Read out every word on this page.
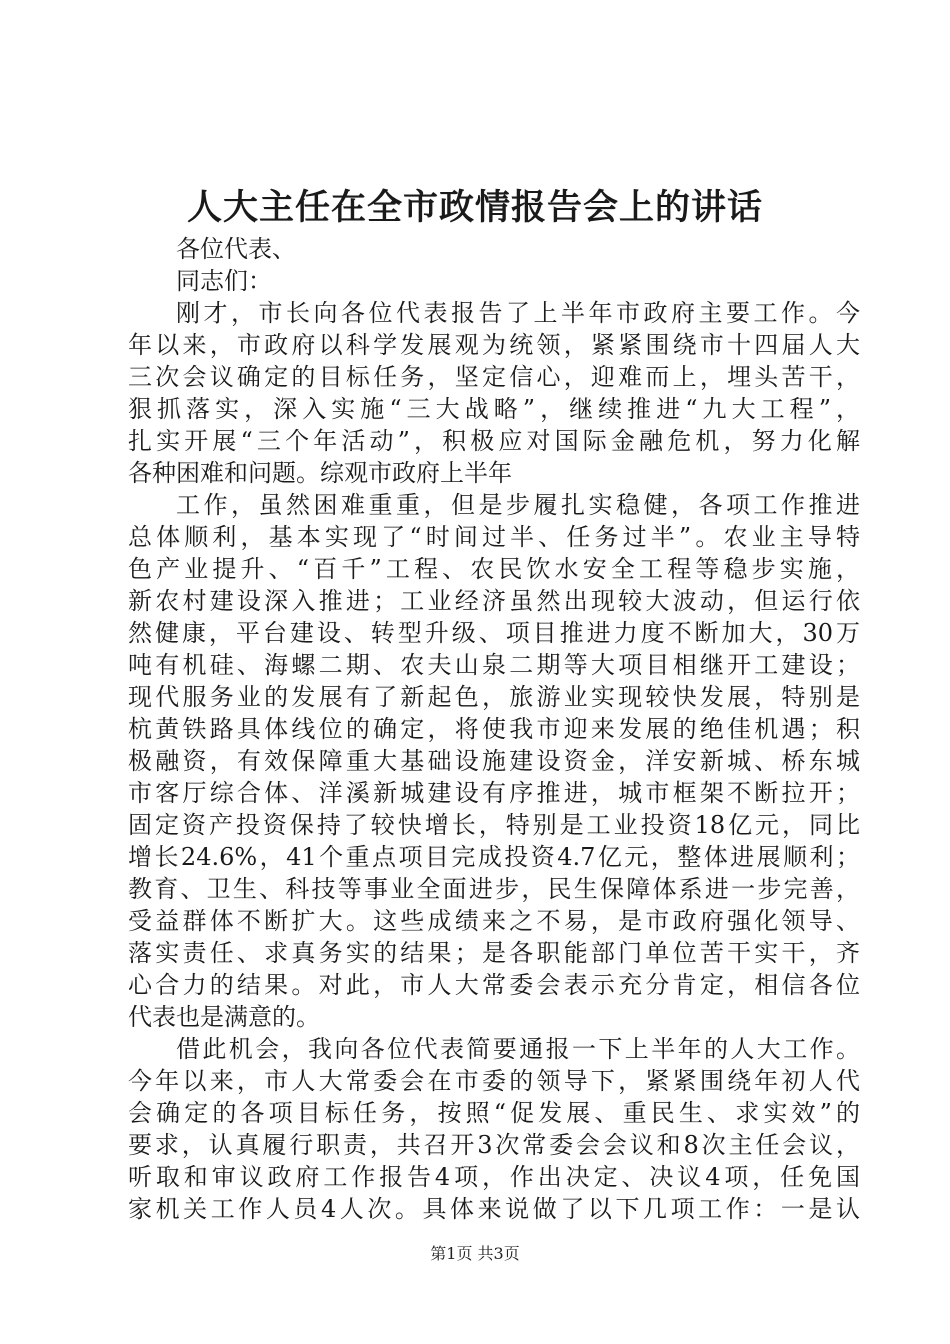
人大主任在全市政情报告会上的讲话
各位代表、
同志们：
刚才，市长向各位代表报告了上半年市政府主要工作。今
年以来，市政府以科学发展观为统领，紧紧围绕市十四届人大
三次会议确定的目标任务，坚定信心，迎难而上，埋头苦干，
狠抓落实，深入实施“三大战略”，继续推进“九大工程”，
扎实开展“三个年活动”，积极应对国际金融危机，努力化解
各种困难和问题。综观市政府上半年
工作，虽然困难重重，但是步履扎实稳健，各项工作推进
总体顺利，基本实现了“时间过半、任务过半”。农业主导特
色产业提升、“百千”工程、农民饮水安全工程等稳步实施，
新农村建设深入推进；工业经济虽然出现较大波动，但运行依
然健康，平台建设、转型升级、项目推进力度不断加大，30万
吨有机硅、海螺二期、农夫山泉二期等大项目相继开工建设；
现代服务业的发展有了新起色，旅游业实现较快发展，特别是
杭黄铁路具体线位的确定，将使我市迎来发展的绝佳机遇；积
极融资，有效保障重大基础设施建设资金，洋安新城、桥东城
市客厅综合体、洋溪新城建设有序推进，城市框架不断拉开；
固定资产投资保持了较快增长，特别是工业投资18亿元，同比
增长24.6%，41个重点项目完成投资4.7亿元，整体进展顺利；
教育、卫生、科技等事业全面进步，民生保障体系进一步完善，
受益群体不断扩大。这些成绩来之不易，是市政府强化领导、
落实责任、求真务实的结果；是各职能部门单位苦干实干，齐
心合力的结果。对此，市人大常委会表示充分肯定，相信各位
代表也是满意的。
借此机会，我向各位代表简要通报一下上半年的人大工作。
今年以来，市人大常委会在市委的领导下，紧紧围绕年初人代
会确定的各项目标任务，按照“促发展、重民生、求实效”的
要求，认真履行职责，共召开3次常委会会议和8次主任会议，
听取和审议政府工作报告4项，作出决定、决议4项，任免国
家机关工作人员4人次。具体来说做了以下几项工作：一是认
第1页 共3页
